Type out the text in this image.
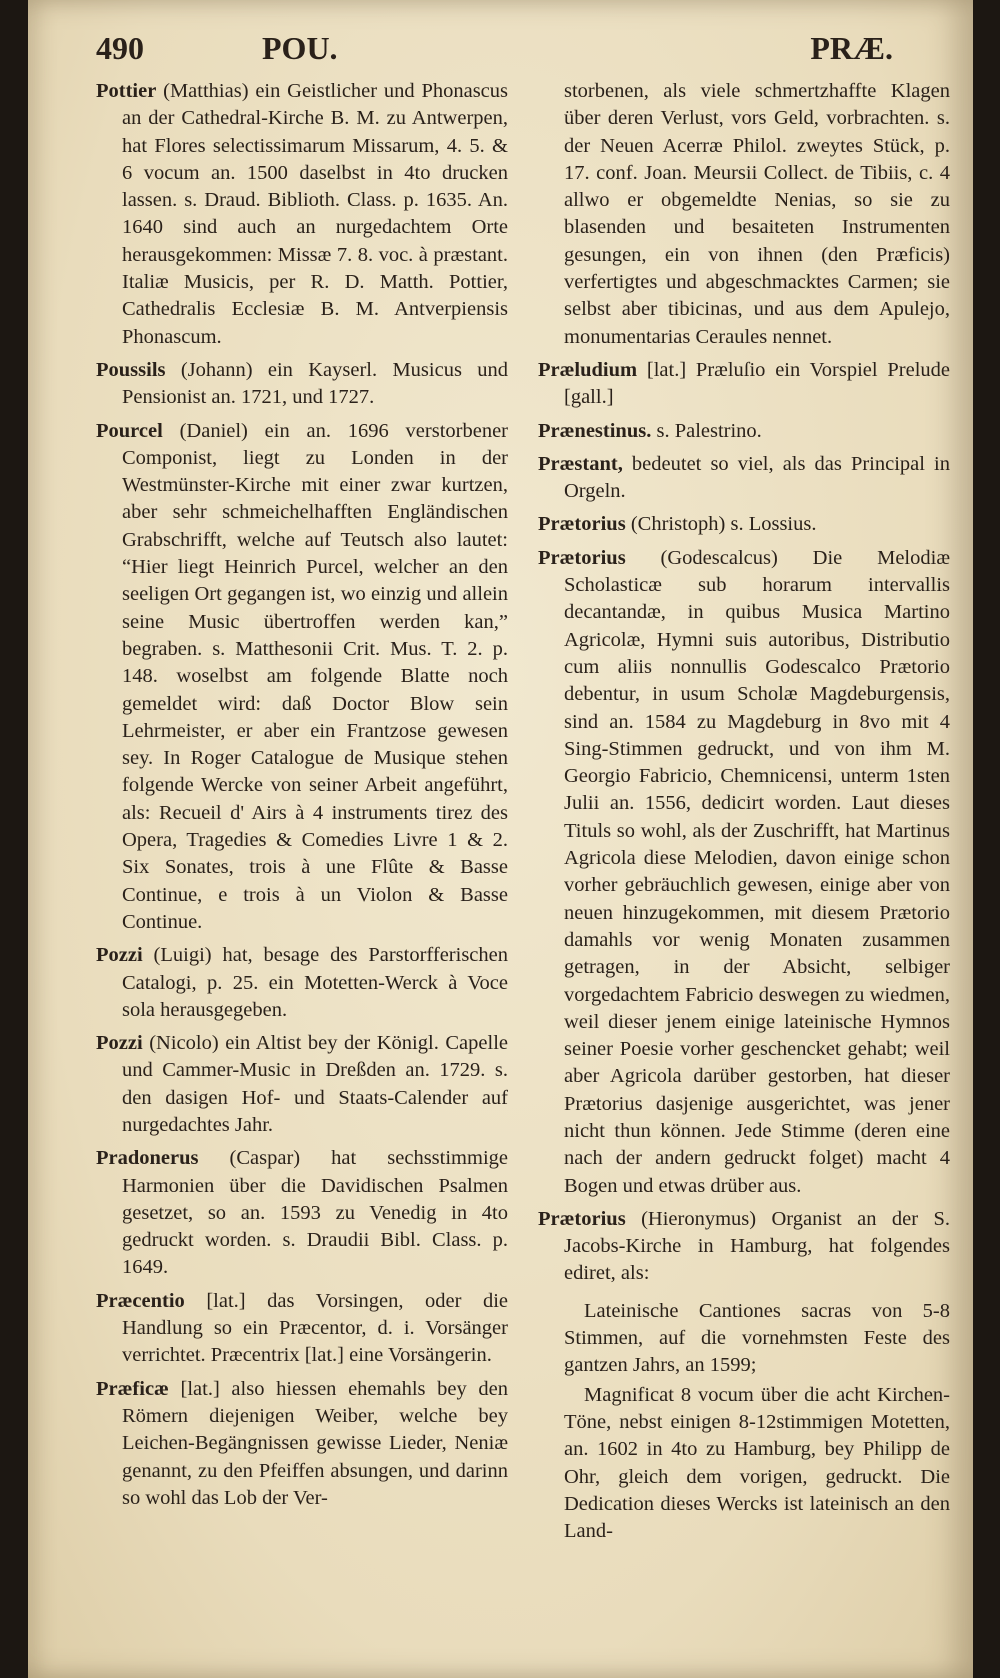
490	POU.	PRÆ.

Pottier (Matthias) ein Geistlicher und Phonascus an der Cathedral-Kirche B. M. zu Antwerpen, hat Flores selectissimarum Missarum, 4. 5. & 6 vocum an. 1500 daselbst in 4to drucken lassen. s. Draud. Biblioth. Class. p. 1635. An. 1640 sind auch an nurgedachtem Orte herausgekommen: Missæ 7. 8. voc. à præstant. Italiæ Musicis, per R. D. Matth. Pottier, Cathedralis Ecclesiæ B. M. Antverpiensis Phonascum.

Poussils (Johann) ein Kayserl. Musicus und Pensionist an. 1721, und 1727.

Pourcel (Daniel) ein an. 1696 verstorbener Componist, liegt zu Londen in der Westmünster-Kirche mit einer zwar kurtzen, aber sehr schmeichelhafften Engländischen Grabschrifft, welche auf Teutsch also lautet: “Hier liegt Heinrich Purcel, welcher an den seeligen Ort gegangen ist, wo einzig und allein seine Music übertroffen werden kan,” begraben. s. Matthesonii Crit. Mus. T. 2. p. 148. woselbst am folgende Blatte noch gemeldet wird: daß Doctor Blow sein Lehrmeister, er aber ein Frantzose gewesen sey. In Roger Catalogue de Musique stehen folgende Wercke von seiner Arbeit angeführt, als: Recueil d' Airs à 4 instruments tirez des Opera, Tragedies & Comedies Livre 1 & 2. Six Sonates, trois à une Flûte & Basse Continue, e trois à un Violon & Basse Continue.

Pozzi (Luigi) hat, besage des Parstorfferischen Catalogi, p. 25. ein Motetten-Werck à Voce sola herausgegeben.

Pozzi (Nicolo) ein Altist bey der Königl. Capelle und Cammer-Music in Dreßden an. 1729. s. den dasigen Hof- und Staats-Calender auf nurgedachtes Jahr.

Pradonerus (Caspar) hat sechsstimmige Harmonien über die Davidischen Psalmen gesetzet, so an. 1593 zu Venedig in 4to gedruckt worden. s. Draudii Bibl. Class. p. 1649.

Præcentio [lat.] das Vorsingen, oder die Handlung so ein Præcentor, d. i. Vorsänger verrichtet. Præcentrix [lat.] eine Vorsängerin.

Præficæ [lat.] also hiessen ehemahls bey den Römern diejenigen Weiber, welche bey Leichen-Begängnissen gewisse Lieder, Neniæ genannt, zu den Pfeiffen absungen, und darinn so wohl das Lob der Ver-

storbenen, als viele schmertzhaffte Klagen über deren Verlust, vors Geld, vorbrachten. s. der Neuen Acerræ Philol. zweytes Stück, p. 17. conf. Joan. Meursii Collect. de Tibiis, c. 4 allwo er obgemeldte Nenias, so sie zu blasenden und besaiteten Instrumenten gesungen, ein von ihnen (den Præficis) verfertigtes und abgeschmacktes Carmen; sie selbst aber tibicinas, und aus dem Apulejo, monumentarias Ceraules nennet.

Præludium [lat.] Præluſio ein Vorspiel Prelude [gall.]

Prænestinus. s. Palestrino.

Præstant, bedeutet so viel, als das Principal in Orgeln.

Prætorius (Christoph) s. Lossius.

Prætorius (Godescalcus) Die Melodiæ Scholasticæ sub horarum intervallis decantandæ, in quibus Musica Martino Agricolæ, Hymni suis autoribus, Distributio cum aliis nonnullis Godescalco Prætorio debentur, in usum Scholæ Magdeburgensis, sind an. 1584 zu Magdeburg in 8vo mit 4 Sing-Stimmen gedruckt, und von ihm M. Georgio Fabricio, Chemnicensi, unterm 1sten Julii an. 1556, dedicirt worden. Laut dieses Tituls so wohl, als der Zuschrifft, hat Martinus Agricola diese Melodien, davon einige schon vorher gebräuchlich gewesen, einige aber von neuen hinzugekommen, mit diesem Prætorio damahls vor wenig Monaten zusammen getragen, in der Absicht, selbiger vorgedachtem Fabricio deswegen zu wiedmen, weil dieser jenem einige lateinische Hymnos seiner Poesie vorher geschencket gehabt; weil aber Agricola darüber gestorben, hat dieser Prætorius dasjenige ausgerichtet, was jener nicht thun können. Jede Stimme (deren eine nach der andern gedruckt folget) macht 4 Bogen und etwas drüber aus.

Prætorius (Hieronymus) Organist an der S. Jacobs-Kirche in Hamburg, hat folgendes ediret, als:

Lateinische Cantiones sacras von 5-8 Stimmen, auf die vornehmsten Feste des gantzen Jahrs, an 1599;

Magnificat 8 vocum über die acht Kirchen-Töne, nebst einigen 8-12stimmigen Motetten, an. 1602 in 4to zu Hamburg, bey Philipp de Ohr, gleich dem vorigen, gedruckt. Die Dedication dieses Wercks ist lateinisch an den Land-
